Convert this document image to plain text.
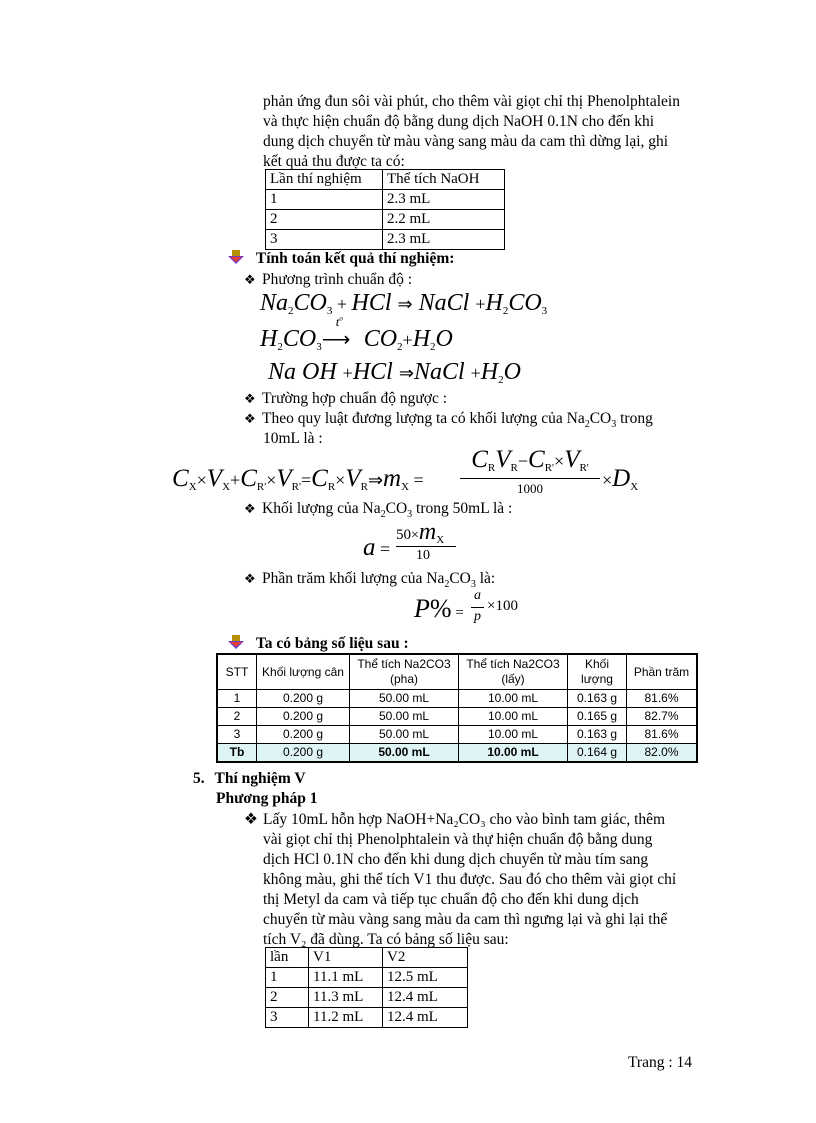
phản ứng đun sôi vài phút, cho thêm vài giọt chỉ thị Phenolphtalein
và thực hiện chuẩn độ bằng dung dịch NaOH 0.1N cho đến khi
dung dịch chuyển từ màu vàng sang màu da cam thì dừng lại, ghi
kết quả thu được ta có:
Lần thí nghiệm	Thể tích NaOH
1	2.3 mL
2	2.2 mL
3	2.3 mL
Tính toán kết quả thí nghiệm:
❖ Phương trình chuẩn độ :
$Na_2CO_3$ + HCl ⇒ NaCl $+H_2CO_3$
$H_2CO_3$
$t^o$
⟶ $CO_2+H_2O$
Na OH +HCl ⇒NaCl $+H_2O$
❖ Trường hợp chuẩn độ ngược :
❖ Theo quy luật đương lượng ta có khối lượng của $Na_2CO_3$ trong
10mL là :
$C_X\times V_X+C_{R'}\times V_{R'}=C_R\times V_R\Rightarrow m_X$ =
$C_RV_R-C_{R'}\times V_{R'}$
1000	$\times D_X$
❖ Khối lượng của $Na_2CO_3$ trong 50mL là :
a =
$50\times m_X$
10
❖ Phần trăm khối lượng của $Na_2CO_3$ là:
P% =
a
p
×100
Ta có bảng số liệu sau :
STT	Khối lượng cân	Thể tích Na2CO3 (pha)	Thể tích Na2CO3 (lấy)	Khối lượng	Phần trăm
1	0.200 g	50.00 mL	10.00 mL	0.163 g	81.6%
2	0.200 g	50.00 mL	10.00 mL	0.165 g	82.7%
3	0.200 g	50.00 mL	10.00 mL	0.163 g	81.6%
Tb	0.200 g	50.00 mL	10.00 mL	0.164 g	82.0%
5. Thí nghiệm V
Phương pháp 1
❖ Lấy 10mL hỗn hợp NaOH+Na₂CO₃ cho vào bình tam giác, thêm
vài giọt chỉ thị Phenolphtalein và thự hiện chuẩn độ bằng dung
dịch HCl 0.1N cho đến khi dung dịch chuyển từ màu tím sang
không màu, ghi thể tích V1 thu được. Sau đó cho thêm vài giọt chỉ
thị Metyl da cam và tiếp tục chuẩn độ cho đến khi dung dịch
chuyển từ màu vàng sang màu da cam thì ngưng lại và ghi lại thể
tích V₂ đã dùng. Ta có bảng số liệu sau:
lần	V1	V2
1	11.1 mL	12.5 mL
2	11.3 mL	12.4 mL
3	11.2 mL	12.4 mL
Trang : 14
